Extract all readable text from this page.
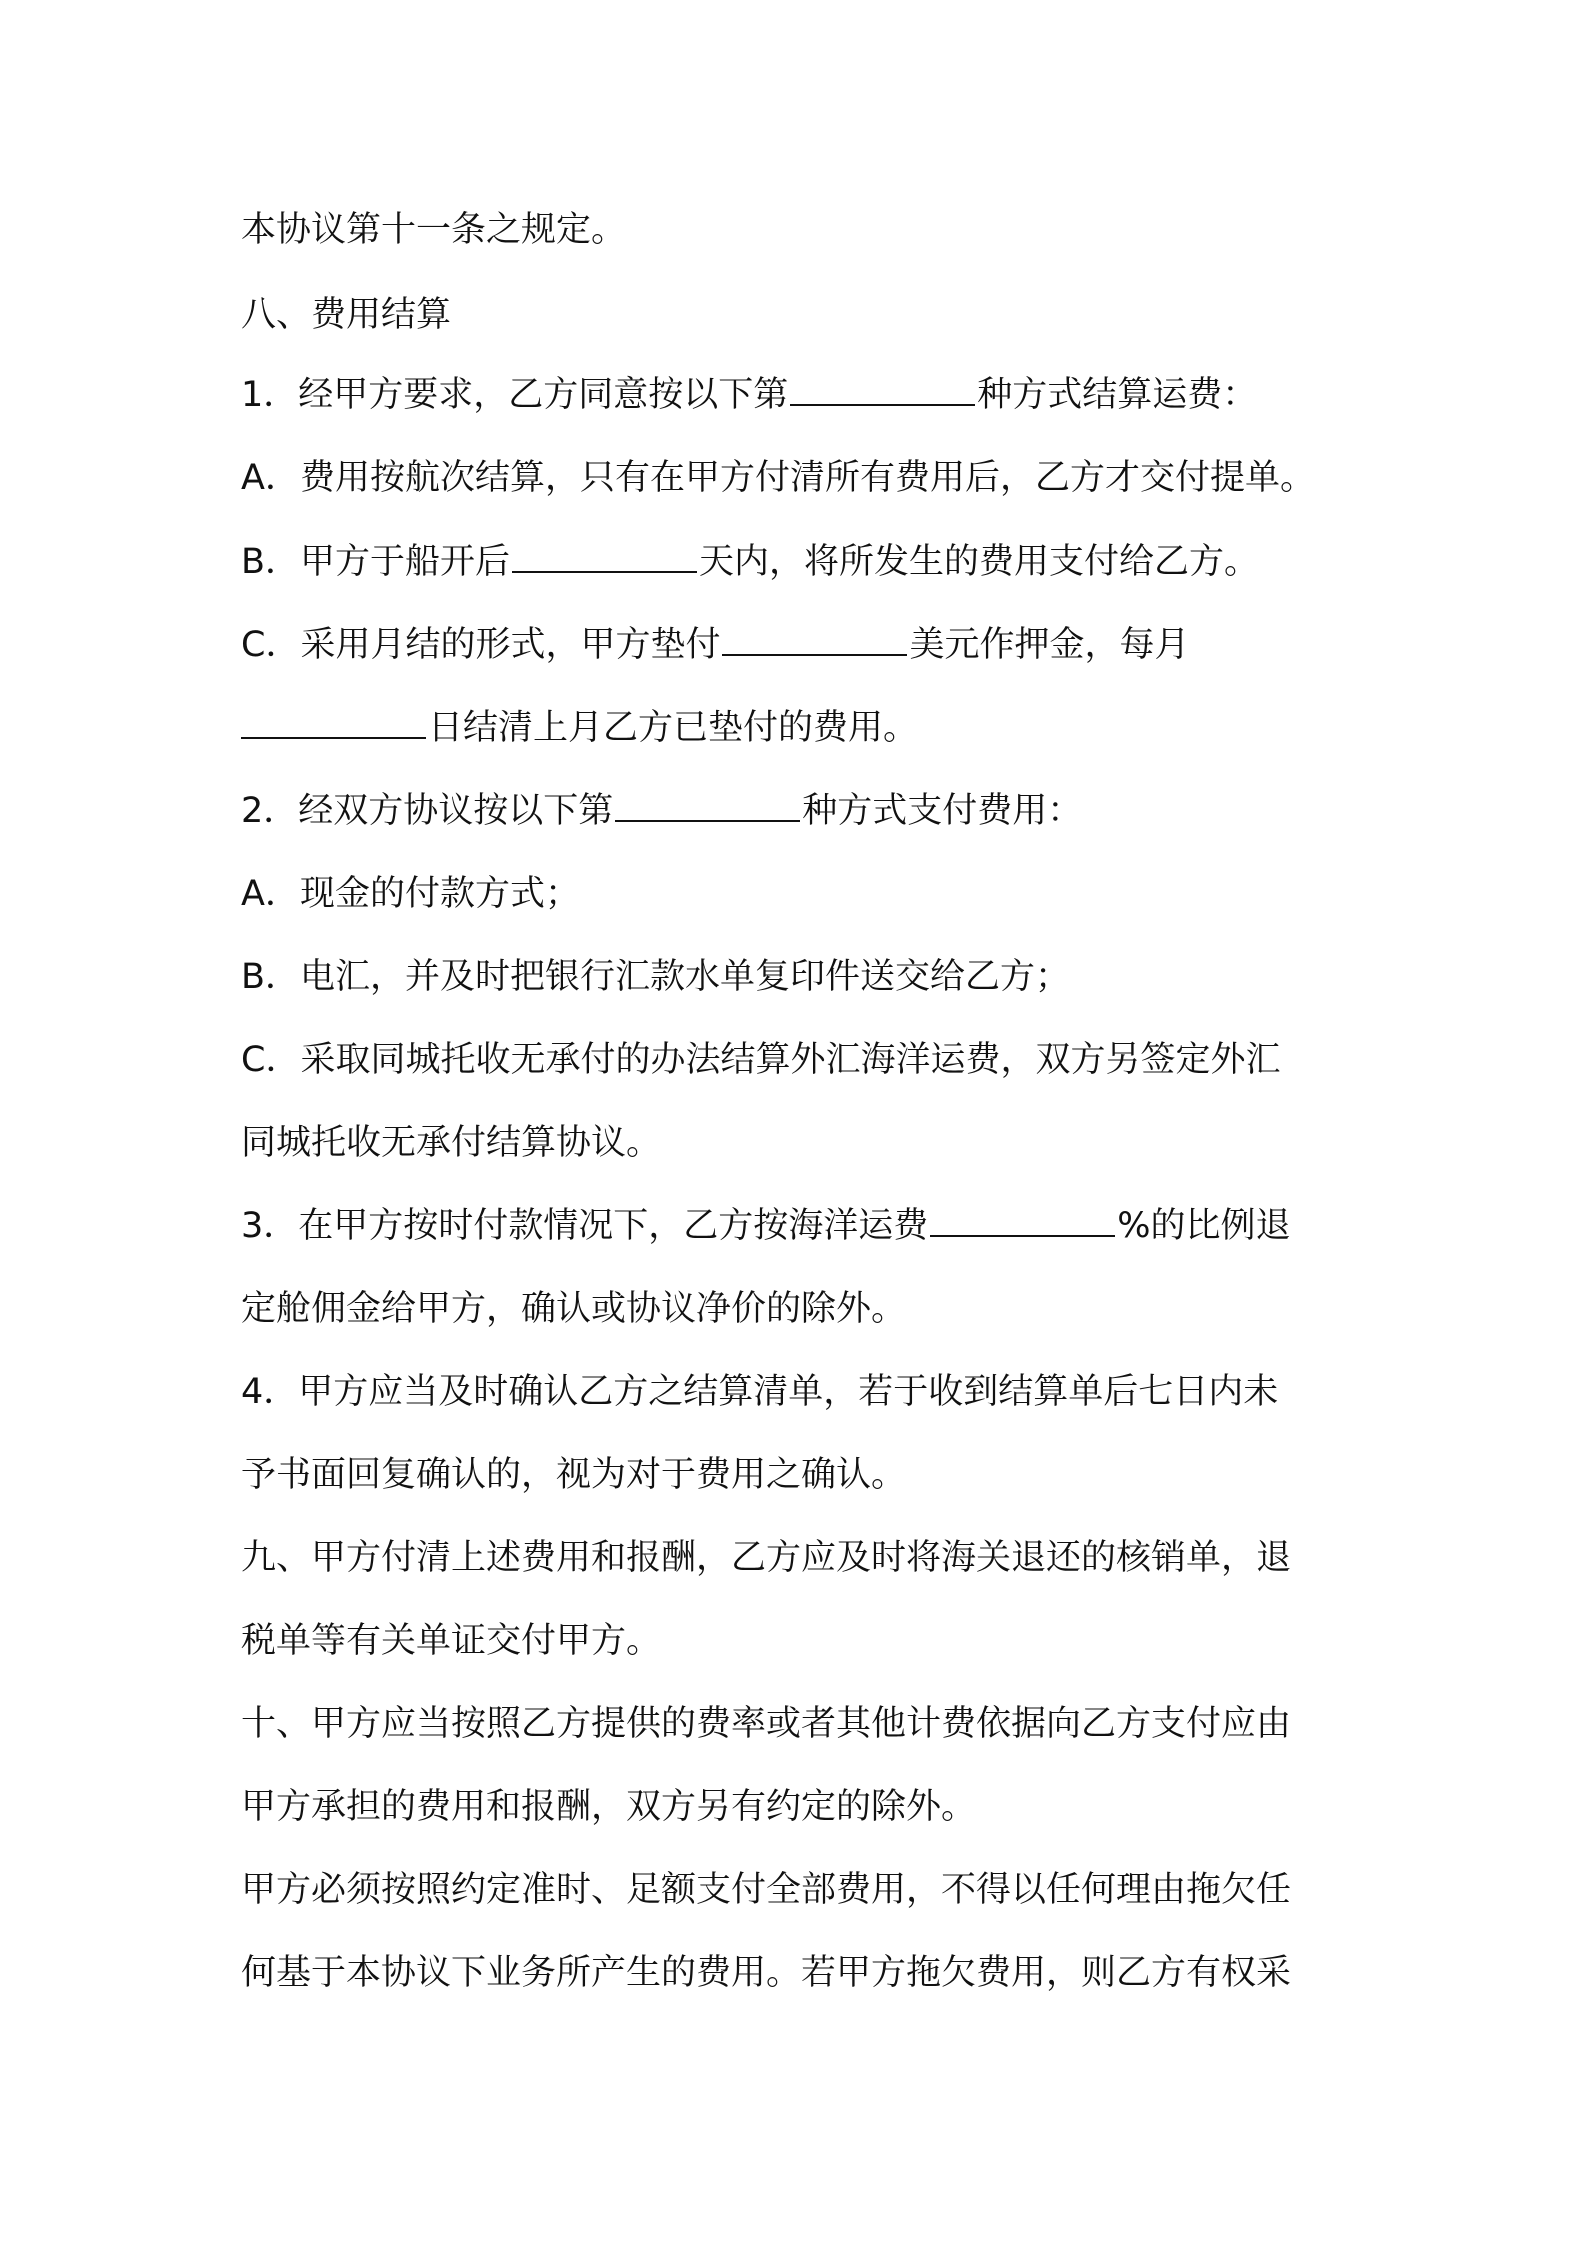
本协议第十一条之规定。
八、费用结算
1．经甲方要求，乙方同意按以下第	种方式结算运费：
A．费用按航次结算，只有在甲方付清所有费用后，乙方才交付提单。
B．甲方于船开后	天内，将所发生的费用支付给乙方。
C．采用月结的形式，甲方垫付	美元作押金，每月
日结清上月乙方已垫付的费用。
2．经双方协议按以下第	种方式支付费用：
A．现金的付款方式；
B．电汇，并及时把银行汇款水单复印件送交给乙方；
C．采取同城托收无承付的办法结算外汇海洋运费，双方另签定外汇
同城托收无承付结算协议。
3．在甲方按时付款情况下，乙方按海洋运费	%的比例退
定舱佣金给甲方，确认或协议净价的除外。
4．甲方应当及时确认乙方之结算清单，若于收到结算单后七日内未
予书面回复确认的，视为对于费用之确认。
九、甲方付清上述费用和报酬，乙方应及时将海关退还的核销单，退
税单等有关单证交付甲方。
十、甲方应当按照乙方提供的费率或者其他计费依据向乙方支付应由
甲方承担的费用和报酬，双方另有约定的除外。
甲方必须按照约定准时、足额支付全部费用，不得以任何理由拖欠任
何基于本协议下业务所产生的费用。若甲方拖欠费用，则乙方有权采
